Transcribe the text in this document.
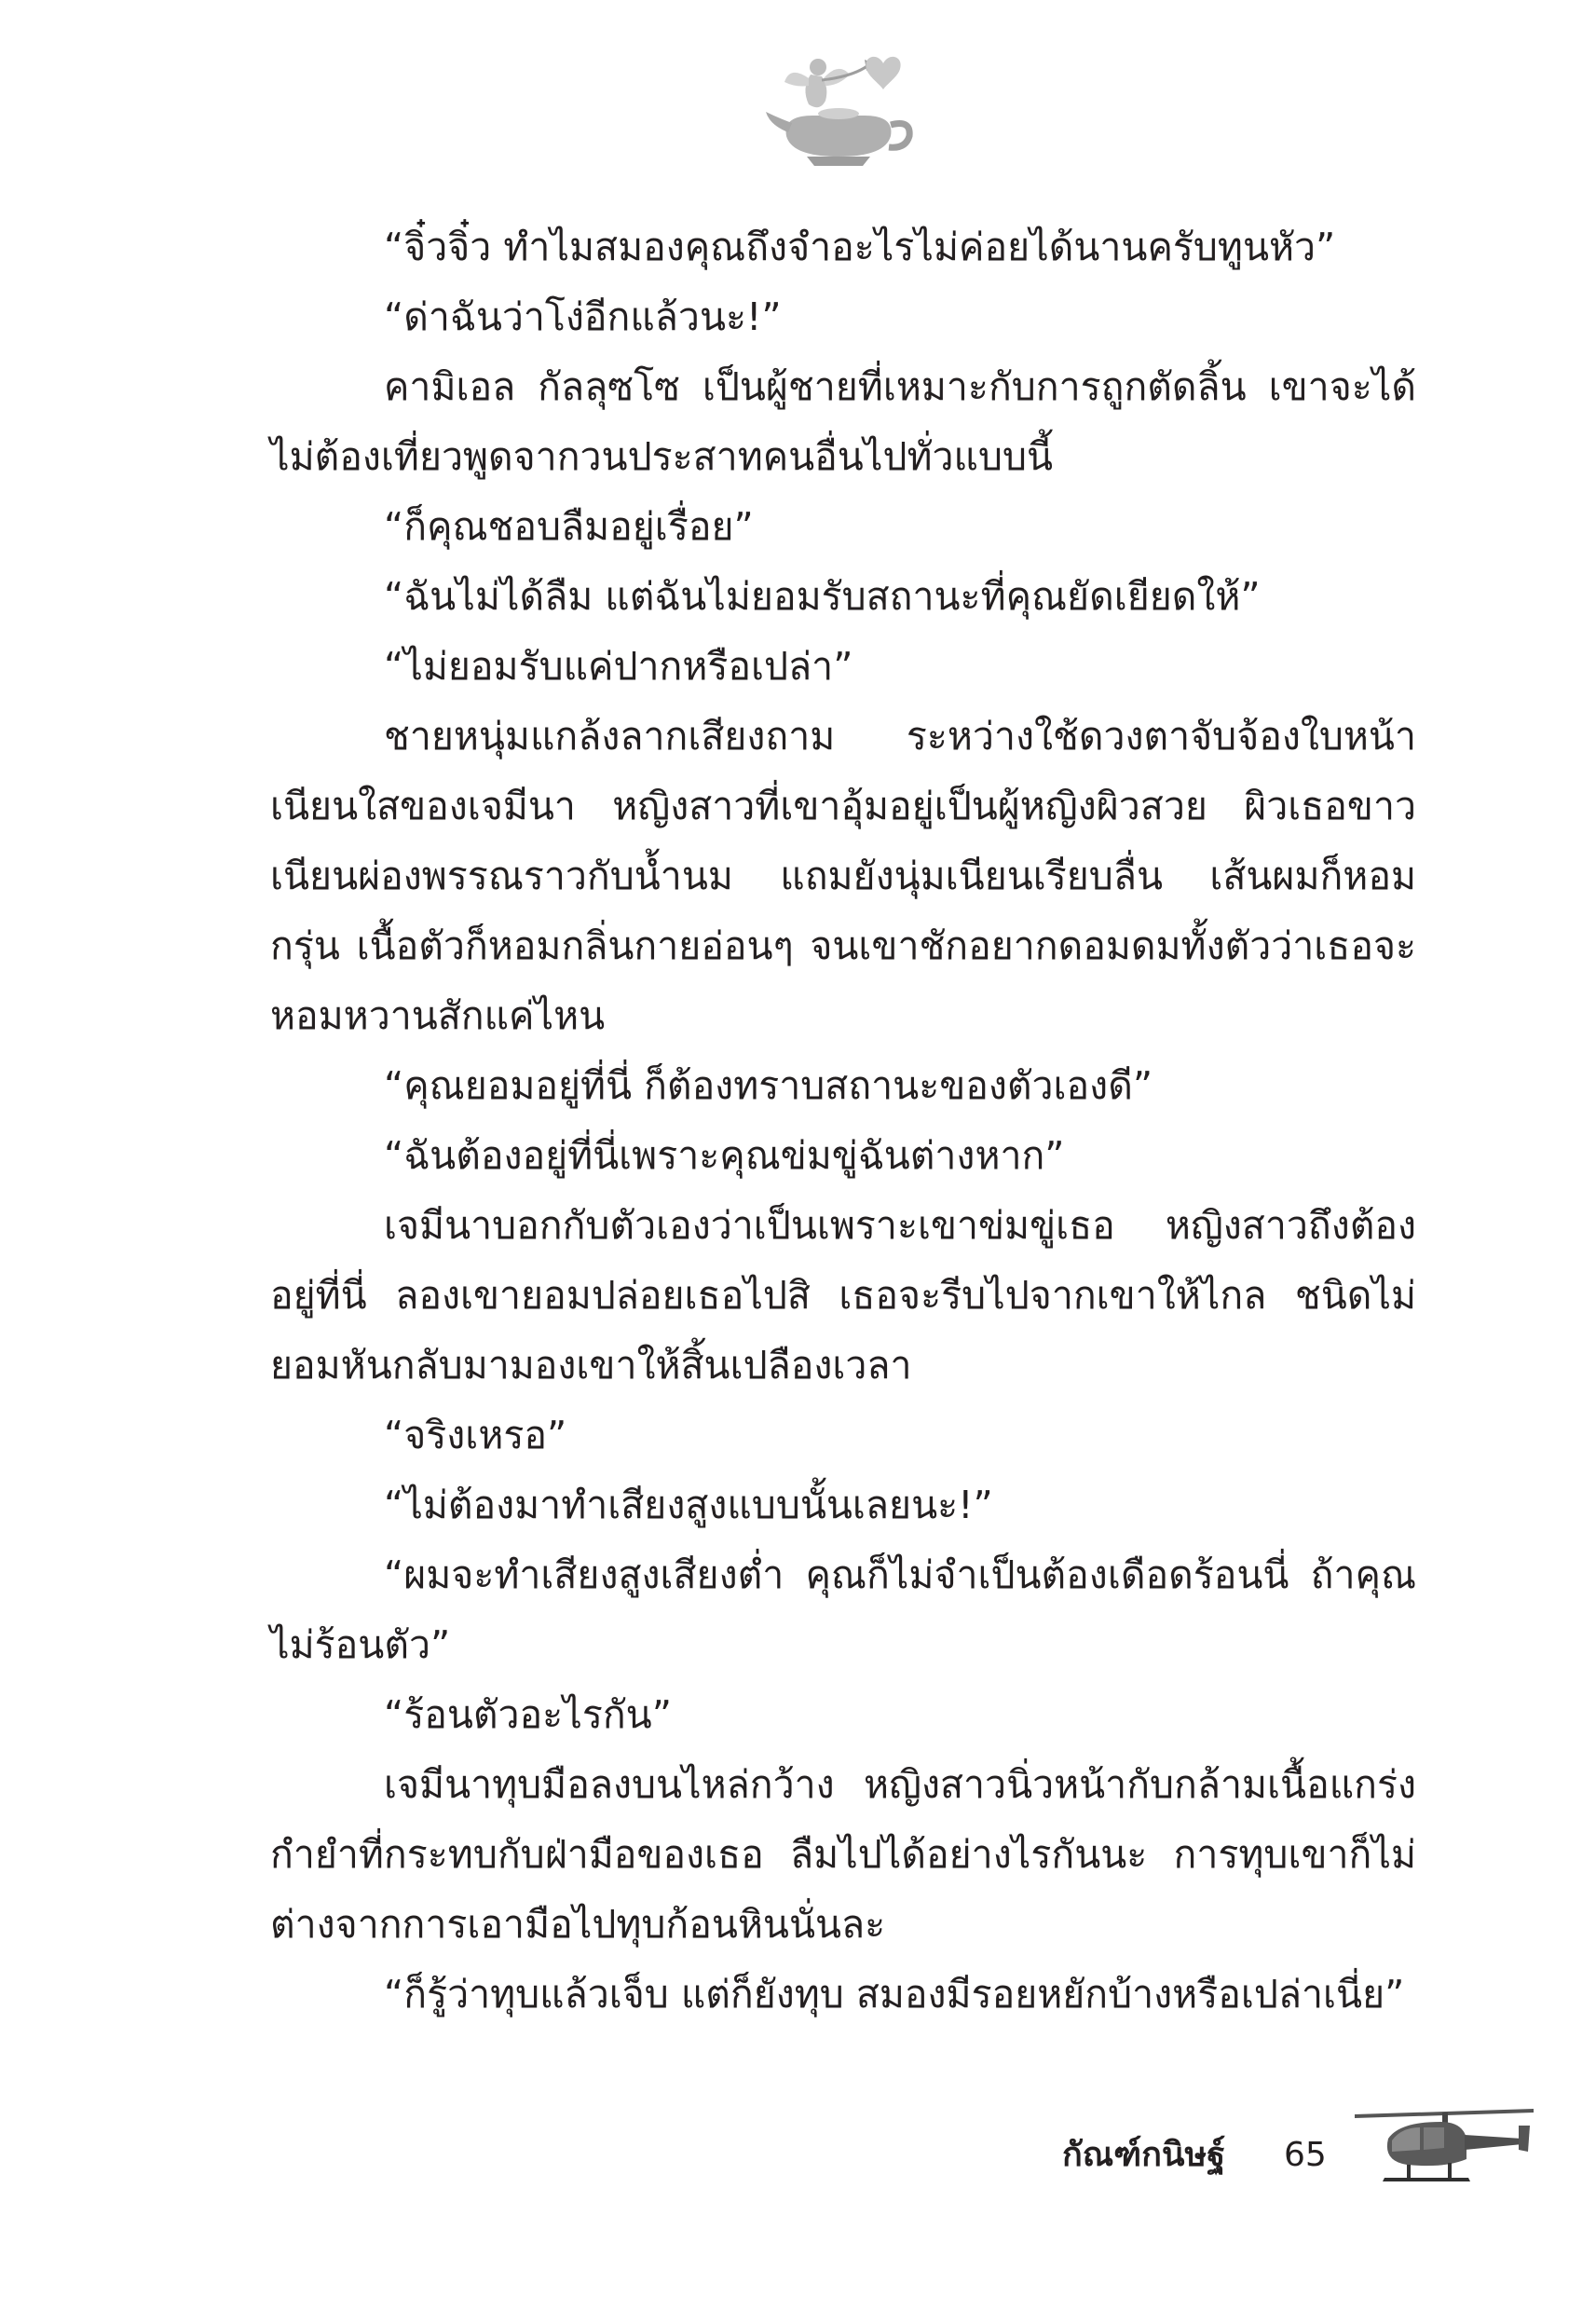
“จิ๋วจิ๋ว ทำไมสมองคุณถึงจำอะไรไม่ค่อยได้นานครับทูนหัว”

“ด่าฉันว่าโง่อีกแล้วนะ!”

คามิเอล กัลลุซโซ เป็นผู้ชายที่เหมาะกับการถูกตัดลิ้น เขาจะได้ไม่ต้องเที่ยวพูดจากวนประสาทคนอื่นไปทั่วแบบนี้

“ก็คุณชอบลืมอยู่เรื่อย”

“ฉันไม่ได้ลืม แต่ฉันไม่ยอมรับสถานะที่คุณยัดเยียดให้”

“ไม่ยอมรับแค่ปากหรือเปล่า”

ชายหนุ่มแกล้งลากเสียงถาม ระหว่างใช้ดวงตาจับจ้องใบหน้าเนียนใสของเจมีนา หญิงสาวที่เขาอุ้มอยู่เป็นผู้หญิงผิวสวย ผิวเธอขาวเนียนผ่องพรรณราวกับน้ำนม แถมยังนุ่มเนียนเรียบลื่น เส้นผมก็หอมกรุ่น เนื้อตัวก็หอมกลิ่นกายอ่อนๆ จนเขาชักอยากดอมดมทั้งตัวว่าเธอจะหอมหวานสักแค่ไหน

“คุณยอมอยู่ที่นี่ ก็ต้องทราบสถานะของตัวเองดี”

“ฉันต้องอยู่ที่นี่เพราะคุณข่มขู่ฉันต่างหาก”

เจมีนาบอกกับตัวเองว่าเป็นเพราะเขาข่มขู่เธอ หญิงสาวถึงต้องอยู่ที่นี่ ลองเขายอมปล่อยเธอไปสิ เธอจะรีบไปจากเขาให้ไกล ชนิดไม่ยอมหันกลับมามองเขาให้สิ้นเปลืองเวลา

“จริงเหรอ”

“ไม่ต้องมาทำเสียงสูงแบบนั้นเลยนะ!”

“ผมจะทำเสียงสูงเสียงต่ำ คุณก็ไม่จำเป็นต้องเดือดร้อนนี่ ถ้าคุณไม่ร้อนตัว”

“ร้อนตัวอะไรกัน”

เจมีนาทุบมือลงบนไหล่กว้าง หญิงสาวนิ่วหน้ากับกล้ามเนื้อแกร่งกำยำที่กระทบกับฝ่ามือของเธอ ลืมไปได้อย่างไรกันนะ การทุบเขาก็ไม่ต่างจากการเอามือไปทุบก้อนหินนั่นละ

“ก็รู้ว่าทุบแล้วเจ็บ แต่ก็ยังทุบ สมองมีรอยหยักบ้างหรือเปล่าเนี่ย”

กัณฑ์กนิษฐ์ 65
